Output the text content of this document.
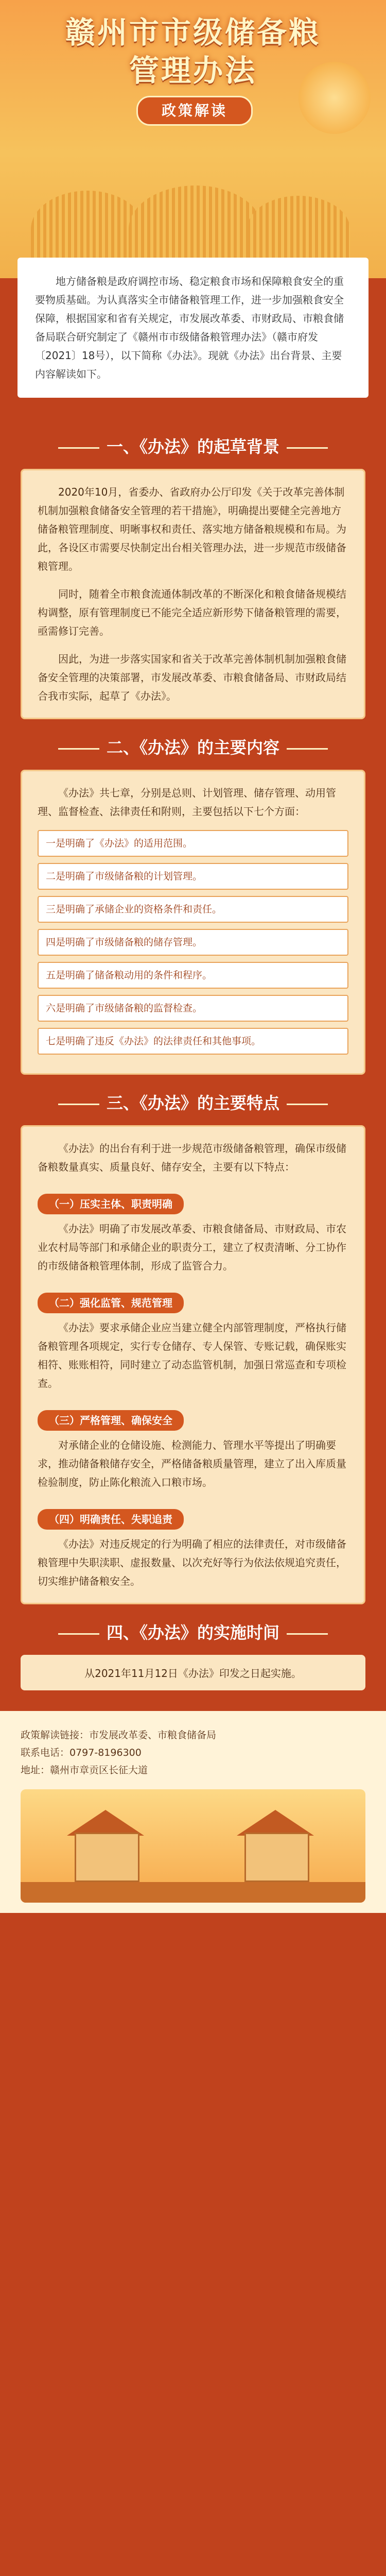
赣州市市级储备粮
管理办法
政策解读
地方储备粮是政府调控市场、稳定粮食市场和保障粮食安全的重要物质基础。为认真落实全市储备粮管理工作，进一步加强粮食安全保障，根据国家和省有关规定，市发展改革委、市财政局、市粮食储备局联合研究制定了《赣州市市级储备粮管理办法》（赣市府发〔2021〕18号），以下简称《办法》。现就《办法》出台背景、主要内容解读如下。
一、《办法》的起草背景

2020年10月，省委办、省政府办公厅印发《关于改革完善体制机制加强粮食储备安全管理的若干措施》，明确提出要健全完善地方储备粮管理制度、明晰事权和责任、落实地方储备粮规模和布局。为此，各设区市需要尽快制定出台相关管理办法，进一步规范市级储备粮管理。

同时，随着全市粮食流通体制改革的不断深化和粮食储备规模结构调整，原有管理制度已不能完全适应新形势下储备粮管理的需要，亟需修订完善。

因此，为进一步落实国家和省关于改革完善体制机制加强粮食储备安全管理的决策部署，市发展改革委、市粮食储备局、市财政局结合我市实际，起草了《办法》。

二、《办法》的主要内容

《办法》共七章，分别是总则、计划管理、储存管理、动用管理、监督检查、法律责任和附则，主要包括以下七个方面：

一是明确了《办法》的适用范围。
二是明确了市级储备粮的计划管理。
三是明确了承储企业的资格条件和责任。
四是明确了市级储备粮的储存管理。
五是明确了储备粮动用的条件和程序。
六是明确了市级储备粮的监督检查。
七是明确了违反《办法》的法律责任和其他事项。
三、《办法》的主要特点

《办法》的出台有利于进一步规范市级储备粮管理，确保市级储备粮数量真实、质量良好、储存安全，主要有以下特点：

（一）压实主体、职责明确

《办法》明确了市发展改革委、市粮食储备局、市财政局、市农业农村局等部门和承储企业的职责分工，建立了权责清晰、分工协作的市级储备粮管理体制，形成了监管合力。

（二）强化监管、规范管理

《办法》要求承储企业应当建立健全内部管理制度，严格执行储备粮管理各项规定，实行专仓储存、专人保管、专账记载，确保账实相符、账账相符，同时建立了动态监管机制，加强日常巡查和专项检查。

（三）严格管理、确保安全

对承储企业的仓储设施、检测能力、管理水平等提出了明确要求，推动储备粮储存安全，严格储备粮质量管理，建立了出入库质量检验制度，防止陈化粮流入口粮市场。

（四）明确责任、失职追责

《办法》对违反规定的行为明确了相应的法律责任，对市级储备粮管理中失职渎职、虚报数量、以次充好等行为依法依规追究责任，切实维护储备粮安全。

四、《办法》的实施时间
从2021年11月12日《办法》印发之日起实施。
政策解读链接：市发展改革委、市粮食储备局
联系电话：0797-8196300
地址：赣州市章贡区长征大道
